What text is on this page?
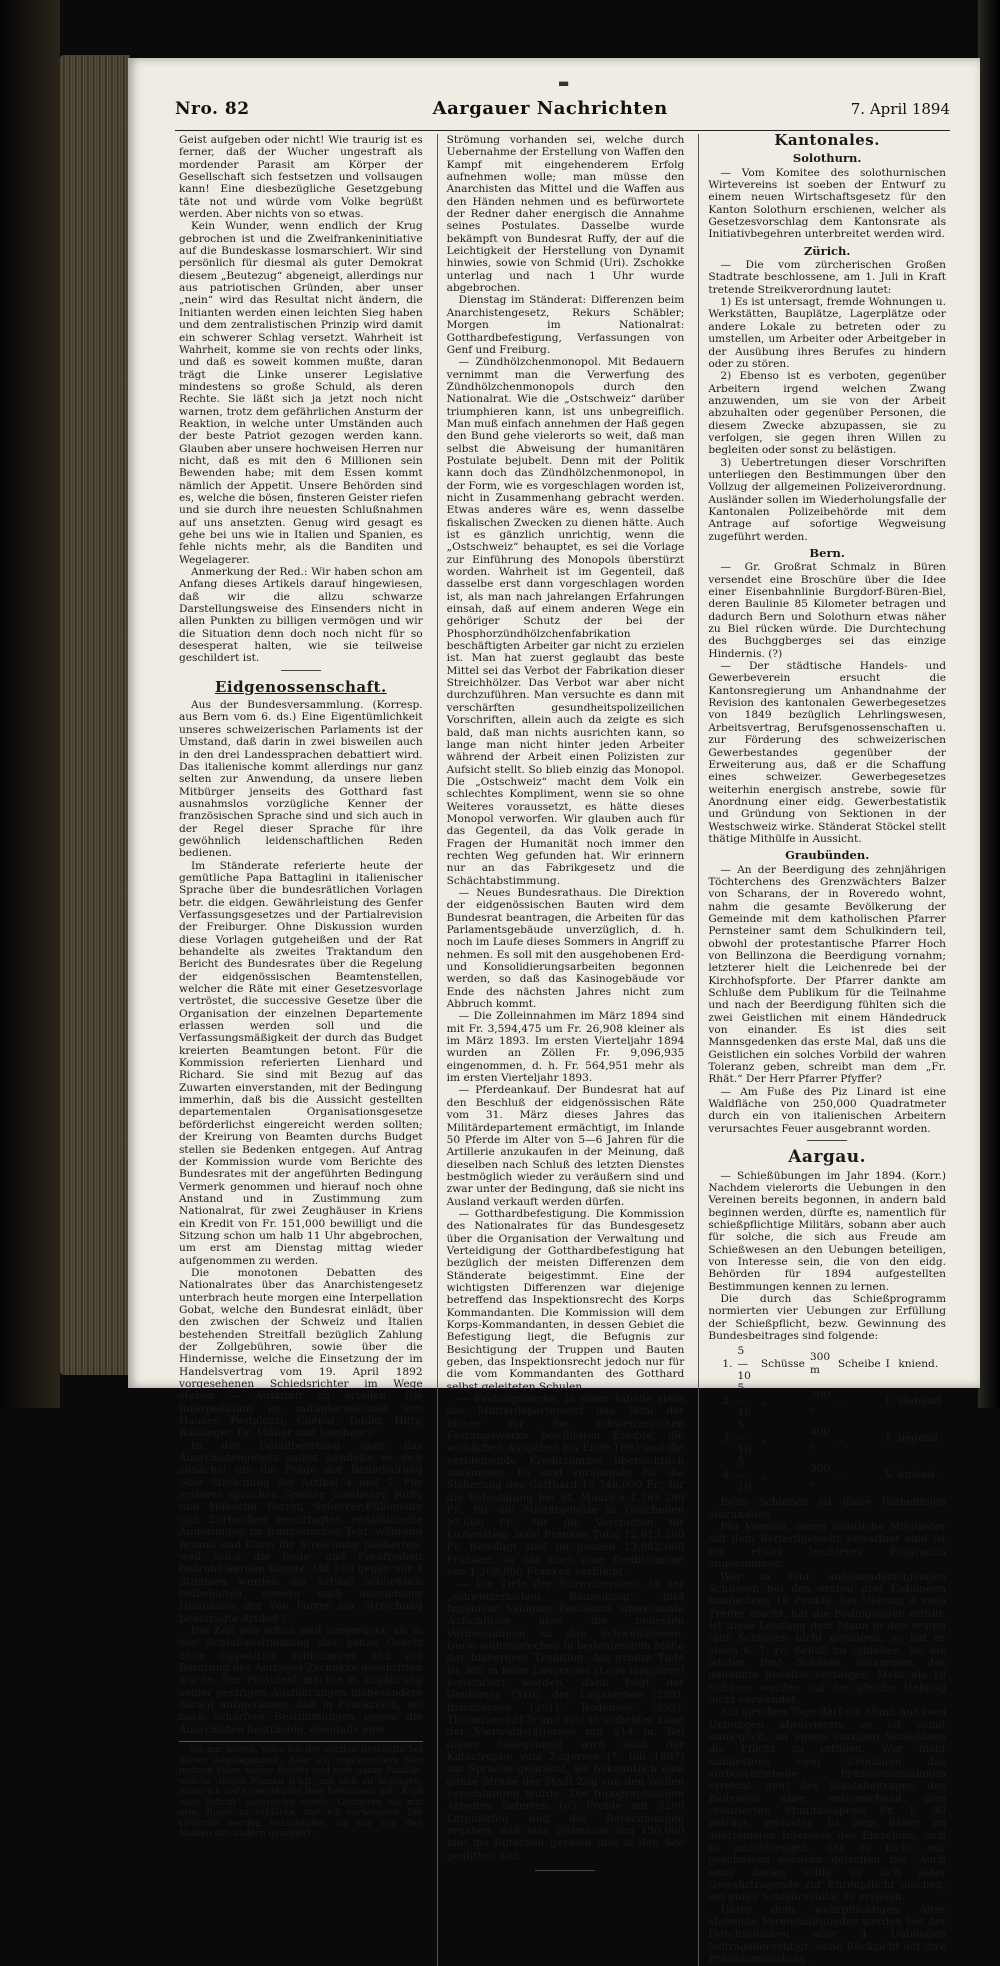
▬
Nro. 82	Aargauer Nachrichten	7. April 1894

Geist aufgeben oder nicht! Wie traurig ist es ferner, daß der Wucher ungestraft als mordender Parasit am Körper der Gesellschaft sich festsetzen und vollsaugen kann! Eine diesbezügliche Gesetzgebung täte not und würde vom Volke begrüßt werden. Aber nichts von so etwas.

Kein Wunder, wenn endlich der Krug gebrochen ist und die Zweifrankeninitiative auf die Bundeskasse losmarschiert. Wir sind persönlich für diesmal als guter Demokrat diesem „Beutezug“ abgeneigt, allerdings nur aus patriotischen Gründen, aber unser „nein“ wird das Resultat nicht ändern, die Initianten werden einen leichten Sieg haben und dem zentralistischen Prinzip wird damit ein schwerer Schlag versetzt. Wahrheit ist Wahrheit, komme sie von rechts oder links, und daß es soweit kommen mußte, daran trägt die Linke unserer Legislative mindestens so große Schuld, als deren Rechte. Sie läßt sich ja jetzt noch nicht warnen, trotz dem gefährlichen Ansturm der Reaktion, in welche unter Umständen auch der beste Patriot gezogen werden kann. Glauben aber unsere hochweisen Herren nur nicht, daß es mit den 6 Millionen sein Bewenden habe; mit dem Essen kommt nämlich der Appetit. Unsere Behörden sind es, welche die bösen, finsteren Geister riefen und sie durch ihre neuesten Schlußnahmen auf uns ansetzten. Genug wird gesagt es gehe bei uns wie in Italien und Spanien, es fehle nichts mehr, als die Banditen und Wegelagerer.

Anmerkung der Red.: Wir haben schon am Anfang dieses Artikels darauf hingewiesen, daß wir die allzu schwarze Darstellungsweise des Einsenders nicht in allen Punkten zu billigen vermögen und wir die Situation denn doch noch nicht für so desesperat halten, wie sie teilweise geschildert ist.

Eidgenossenschaft.

Aus der Bundesversammlung. (Korresp. aus Bern vom 6. ds.) Eine Eigentümlichkeit unseres schweizerischen Parlaments ist der Umstand, daß darin in zwei bisweilen auch in den drei Landessprachen debattiert wird. Das italienische kommt allerdings nur ganz selten zur Anwendung, da unsere lieben Mitbürger jenseits des Gotthard fast ausnahmslos vorzügliche Kenner der französischen Sprache sind und sich auch in der Regel dieser Sprache für ihre gewöhnlich leidenschaftlichen Reden bedienen.

Im Ständerate referierte heute der gemütliche Papa Battaglini in italienischer Sprache über die bundesrätlichen Vorlagen betr. die eidgen. Gewährleistung des Genfer Verfassungsgesetzes und der Partialrevision der Freiburger. Ohne Diskussion wurden diese Vorlagen gutgeheißen und der Rat behandelte als zweites Traktandum den Bericht des Bundesrates über die Regelung der eidgenössischen Beamtenstellen, welcher die Räte mit einer Gesetzesvorlage vertröstet, die successive Gesetze über die Organisation der einzelnen Departemente erlassen werden soll und die Verfassungsmäßigkeit der durch das Budget kreierten Beamtungen betont. Für die Kommission referierten Lienhard und Richard. Sie sind mit Bezug auf das Zuwarten einverstanden, mit der Bedingung immerhin, daß bis die Aussicht gestellten departementalen Organisationsgesetze beförderlichst eingereicht werden sollten; der Kreirung von Beamten durchs Budget stellen sie Bedenken entgegen. Auf Antrag der Kommission wurde vom Berichte des Bundesrates mit der angeführten Bedingung Vermerk genommen und hierauf noch ohne Anstand und in Zustimmung zum Nationalrat, für zwei Zeughäuser in Kriens ein Kredit von Fr. 151,000 bewilligt und die Sitzung schon um halb 11 Uhr abgebrochen, um erst am Dienstag mittag wieder aufgenommen zu werden.

Die monotonen Debatten des Nationalrates über das Anarchistengesetz unterbrach heute morgen eine Interpellation Gobat, welche den Bundesrat einlädt, über den zwischen der Schweiz und Italien bestehenden Streitfall bezüglich Zahlung der Zollgebühren, sowie über die Hindernisse, welche die Einsetzung der im Handelsvertrag vom 19. April 1892 vorgesehenen Schiedsrichter im Wege stehen — Auskunft zu erteilen. Die Interpellation ist mitunterzeichnet von Hauser, Pestalozzi, Cuénat, Tobler, Hilty, Balbinger, Dr. Müller und Jeanhenry.

In der Detailberatung über das Anarchistengesetz selbst handelte es sich zunächst um die Frage der Beibehaltung oder Streichung der Artikel 4 und 5. Für ersteres sprachen Speiser, Jeanhenry, Ruffy und Häberlin Forrer, Scherrer-Füllemann und Zurbuchen beantragten redaktionelle Änderungen im französischen Text, während Brunni und Curti für Streichung plädierten, weil sonst die Rede- und Preßfreiheit bedroht werden könnte. Mit 103 gegen nur 4 Stimmen werden die Artikel schließlich beibehalten, ebenso nach ausgiebiger Diskussion der von Forrer zur Streichung beantragte Artikel 7.

Die Zeit war schon weit vorgerückt, als in der Schlußabstimmung das ganze Gesetz ohne Opposition funktioniert und zur Beratung des Antrages Zschokke geschritten wurde. Der Postulant machte in Ergänzung seiner gestrigen Ausführungen insbesondere darauf aufmerksam, daß in Frankreich, wo noch schärfere Bestimmungen gegen die Anarchisten bestünden, ebenfalls eine

Sie mir bieten, wäre ich der einzige Beteiligte bei dieser Angelegenheit. Aber ich repräsentiere hier meinen Vater, meine Brüder und eine ganze Familie, welche diesen Namen trägt, um sich zu beklagen, wenn ich auf's Geratewohl ihre Interessen mit „Kopf oder Schrift“ ausspielen würde. Gestatten Sie mir also, Ihnen zu erklären, daß ich verweigere. Die Gerichte werden entscheiden, ob wir von den Namen des andern usurpiert.

Strömung vorhanden sei, welche durch Uebernahme der Erstellung von Waffen den Kampf mit eingehenderem Erfolg aufnehmen wolle; man müsse den Anarchisten das Mittel und die Waffen aus den Händen nehmen und es befürwortete der Redner daher energisch die Annahme seines Postulates. Dasselbe wurde bekämpft von Bundesrat Ruffy, der auf die Leichtigkeit der Herstellung von Dynamit hinwies, sowie von Schmid (Uri). Zschokke unterlag und nach 1 Uhr wurde abgebrochen.

Dienstag im Ständerat: Differenzen beim Anarchistengesetz, Rekurs Schäbler; Morgen im Nationalrat: Gotthardbefestigung, Verfassungen von Genf und Freiburg.

— Zündhölzchenmonopol. Mit Bedauern vernimmt man die Verwerfung des Zündhölzchenmonopols durch den Nationalrat. Wie die „Ostschweiz“ darüber triumphieren kann, ist uns unbegreiflich. Man muß einfach annehmen der Haß gegen den Bund gehe vielerorts so weit, daß man selbst die Abweisung der humanitären Postulate bejubelt. Denn mit der Politik kann doch das Zündhölzchenmonopol, in der Form, wie es vorgeschlagen worden ist, nicht in Zusammenhang gebracht werden. Etwas anderes wäre es, wenn dasselbe fiskalischen Zwecken zu dienen hätte. Auch ist es gänzlich unrichtig, wenn die „Ostschweiz“ behauptet, es sei die Vorlage zur Einführung des Monopols überstürzt worden. Wahrheit ist im Gegenteil, daß dasselbe erst dann vorgeschlagen worden ist, als man nach jahrelangen Erfahrungen einsah, daß auf einem anderen Wege ein gehöriger Schutz der bei der Phosphorzündhölzchenfabrikation beschäftigten Arbeiter gar nicht zu erzielen ist. Man hat zuerst geglaubt das beste Mittel sei das Verbot der Fabrikation dieser Streichhölzer. Das Verbot war aber nicht durchzuführen. Man versuchte es dann mit verschärften gesundheitspolizeilichen Vorschriften, allein auch da zeigte es sich bald, daß man nichts ausrichten kann, so lange man nicht hinter jeden Arbeiter während der Arbeit einen Polizisten zur Aufsicht stellt. So blieb einzig das Monopol. Die „Ostschweiz“ macht dem Volk ein schlechtes Kompliment, wenn sie so ohne Weiteres voraussetzt, es hätte dieses Monopol verworfen. Wir glauben auch für das Gegenteil, da das Volk gerade in Fragen der Humanität noch immer den rechten Weg gefunden hat. Wir erinnern nur an das Fabrikgesetz und die Schächtabstimmung.

— Neues Bundesrathaus. Die Direktion der eidgenössischen Bauten wird dem Bundesrat beantragen, die Arbeiten für das Parlamentsgebäude unverzüglich, d. h. noch im Laufe dieses Sommers in Angriff zu nehmen. Es soll mit den ausgehobenen Erd- und Konsolidierungsarbeiten begonnen werden, so daß das Kasinogebäude vor Ende des nächsten Jahres nicht zum Abbruch kommt.

— Die Zolleinnahmen im März 1894 sind mit Fr. 3,594,475 um Fr. 26,908 kleiner als im März 1893. Im ersten Vierteljahr 1894 wurden an Zöllen Fr. 9,096,935 eingenommen, d. h. Fr. 564,951 mehr als im ersten Vierteljahr 1893.

— Pferdeankauf. Der Bundesrat hat auf den Beschluß der eidgenössischen Räte vom 31. März dieses Jahres das Militärdepartement ermächtigt, im Inlande 50 Pferde im Alter von 5—6 Jahren für die Artillerie anzukaufen in der Meinung, daß dieselben nach Schluß des letzten Dienstes bestmöglich wieder zu veräußern sind und zwar unter der Bedingung, daß sie nicht ins Ausland verkauft werden dürfen.

— Gotthardbefestigung. Die Kommission des Nationalrates für das Bundesgesetz über die Organisation der Verwaltung und Verteidigung der Gotthardbefestigung hat bezüglich der meisten Differenzen dem Ständerate beigestimmt. Eine der wichtigsten Differenzen war diejenige betreffend das Inspektionsrecht des Korps Kommandanten. Die Kommission will dem Korps-Kommandanten, in dessen Gebiet die Befestigung liegt, die Befugnis zur Besichtigung der Truppen und Bauten geben, das Inspektionsrecht jedoch nur für die vom Kommandanten des Gotthard selbst geleiteten Schulen.

— Festungswerke. In einer Tabelle stellt das Militärdepartement das Total der bisher für die schweizerischen Festungswerke bewilligten Kredite, die wirklichen Ausgaben bis Ende 1893 und die verbleibende Kreditsumme übersichtlich zusammen. Es sind vorausgabt für die Sicherung des Gotthard 10,748,000 Fr., für die Befestigung bei St. Maurice 1,769,200 Fr., für die Militärgeleise in Göschenen 93,000 Fr., für die Vorstudien für Luziensteig 3000 Franken Total 12,613,200 Fr. Bewilligt sind im ganzen 13,882,000 Franken, so daß noch eine Kreditsumme von 1,268,800 Franken verbleibt.

— Die Tiefe der Schweizerseen. In der „schweizerischen Bauzeitung“ gibt Ingenieur Salomon Pestalozzi interessante Aufschlüsse über die neuesten Vermessungen an den Schweizerseen. Diese widersprechen in bedeutendem Maße der bisherigen Tradition. Als größte Tiefe ist 365 m beim Langensee (Lago maggiore) konstatiert worden, dann folgt der Genfersee (310), der Luganersee (288), Brienzersee (261), Bodensee (252), Thunersee (217) und erst in siebenter Linie der Vierwaldstättersee mit 214 m. Bei dieser Gelegenheit wird auch der Katastrophe vom Zugersee (7. Juli 1887) zur Sprache gebracht, wo bekanntlich eine ganze Straße der Stadt Zug von den Wellen verschlungen wurde. Die topographischen Arbeiten lieferten 105 Profile mit 3200 Lotpunkten und die Berechnungen ergaben, daß eine Erdmasse von 150,000 km³ ins Rutschen geraten und in den See geglitten war.

Kantonales.
Solothurn.

— Vom Komitee des solothurnischen Wirtevereins ist soeben der Entwurf zu einem neuen Wirtschaftsgesetz für den Kanton Solothurn erschienen, welcher als Gesetzesvorschlag dem Kantonsrate als Initiativbegehren unterbreitet werden wird.

Zürich.

— Die vom zürcherischen Großen Stadtrate beschlossene, am 1. Juli in Kraft tretende Streikverordnung lautet:

1) Es ist untersagt, fremde Wohnungen u. Werkstätten, Bauplätze, Lagerplätze oder andere Lokale zu betreten oder zu umstellen, um Arbeiter oder Arbeitgeber in der Ausübung ihres Berufes zu hindern oder zu stören.

2) Ebenso ist es verboten, gegenüber Arbeitern irgend welchen Zwang anzuwenden, um sie von der Arbeit abzuhalten oder gegenüber Personen, die diesem Zwecke abzupassen, sie zu verfolgen, sie gegen ihren Willen zu begleiten oder sonst zu belästigen.

3) Uebertretungen dieser Vorschriften unterliegen den Bestimmungen über den Vollzug der allgemeinen Polizeiverordnung. Ausländer sollen im Wiederholungsfalle der Kantonalen Polizeibehörde mit dem Antrage auf sofortige Wegweisung zugeführt werden.

Bern.

— Gr. Großrat Schmalz in Büren versendet eine Broschüre über die Idee einer Eisenbahnlinie Burgdorf-Büren-Biel, deren Baulinie 85 Kilometer betragen und dadurch Bern und Solothurn etwas näher zu Biel rücken würde. Die Durchtechung des Buchggberges sei das einzige Hindernis. (?)

— Der städtische Handels- und Gewerbeverein ersucht die Kantonsregierung um Anhandnahme der Revision des kantonalen Gewerbegesetzes von 1849 bezüglich Lehrlingswesen, Arbeitsvertrag, Berufsgenossenschaften u. zur Förderung des schweizerischen Gewerbestandes gegenüber der Erweiterung aus, daß er die Schaffung eines schweizer. Gewerbegesetzes weiterhin energisch anstrebe, sowie für Anordnung einer eidg. Gewerbestatistik und Gründung von Sektionen in der Westschweiz wirke. Ständerat Stöckel stellt thätige Mithülfe in Aussicht.

Graubünden.

— An der Beerdigung des zehnjährigen Töchterchens des Grenzwächters Balzer von Scharans, der in Roveredo wohnt, nahm die gesamte Bevölkerung der Gemeinde mit dem katholischen Pfarrer Pernsteiner samt dem Schulkindern teil, obwohl der protestantische Pfarrer Hoch von Bellinzona die Beerdigung vornahm; letzterer hielt die Leichenrede bei der Kirchhofspforte. Der Pfarrer dankte am Schluße dem Publikum für die Teilnahme und nach der Beerdigung fühlten sich die zwei Geistlichen mit einem Händedruck von einander. Es ist dies seit Mannsgedenken das erste Mal, daß uns die Geistlichen ein solches Vorbild der wahren Toleranz geben, schreibt man dem „Fr. Rhät.“ Der Herr Pfarrer Pfyffer?

— Am Fuße des Piz Linard ist eine Waldfläche von 250,000 Quadratmeter durch ein von italienischen Arbeitern verursachtes Feuer ausgebrannt worden.

Aargau.

— Schießübungen im Jahr 1894. (Korr.) Nachdem vielerorts die Uebungen in den Vereinen bereits begonnen, in andern bald beginnen werden, dürfte es, namentlich für schießpflichtige Militärs, sobann aber auch für solche, die sich aus Freude am Schießwesen an den Uebungen beteiligen, von Interesse sein, die von den eidg. Behörden für 1894 aufgestellten Bestimmungen kennen zu lernen.

Die durch das Schießprogramm normierten vier Uebungen zur Erfüllung der Schießpflicht, bezw. Gewinnung des Bundesbeitrages sind folgende:

1.	5 — 10	Schüsse	300 m	Scheibe	I	kniend.
2.	5 — 10	„	300 „	„	I	stehend
3.	5 — 10	„	400 „	„	I	liegend
4.	5 — 10	„	300 „	„	V	kniend.

Beim Schießen ist diese Reihenfolge einzuhalten.

Für Vereine, deren sämtliche Mitglieder mit dem Betterligewehr bewaffnet sind ist ein etwas leichteres Programm angenommen.

Wer in fünf aufeinanderfolgenden Schüssen bei den ersten drei Uebungen mindestens 12 Punkte, bei Uebung 4 zwei Treffer macht, hat die Bedingungen erfüllt. Ist diese Leistung dem Mann in den ersten fünf Schüssen nicht gelungen, so hat er einen 6. 7. rc. Schuß zu schießen, bis die letzten fünf Schüsse zusammen das genannte Resultat vorzeigen. Mehr als 10 Schüsse werden auf die gleiche Uebung nicht verwendet.

Am gleichen Tage darf ein Mann nur zwei Uebungen absolvieren, es ist somit unmöglich, an einem einzigen Schießtage die Pflicht zu erfüllen. Wer nicht mindestens zwei Uebungen das vorbeschriebene Präzisionsminimum erreicht, geht des Staatsbeitrages, des Beitrages aber, entsprechend dem reduzierten Munitionspreis Fr. 1. 80 betragt, verlustig. Es liegt daher im allerfeinsten Interesse des Einzelnen, sich so anzustrengen, daß er nicht nur geschossen sondern getroffen hat. Auch ohne dieses sollte es sich jeder Gewehrtragende zur Ehrenpflicht machen, ein gutes Schießresultat zu erzielen.

Unter dem wehrpflichtigen Alter stehende Vereinsmitglieder werden bei der Durchschießen aller 4 Uebungen beitragsberechtigt, ohne Rücksicht auf ihre Präzisionsleistung.
